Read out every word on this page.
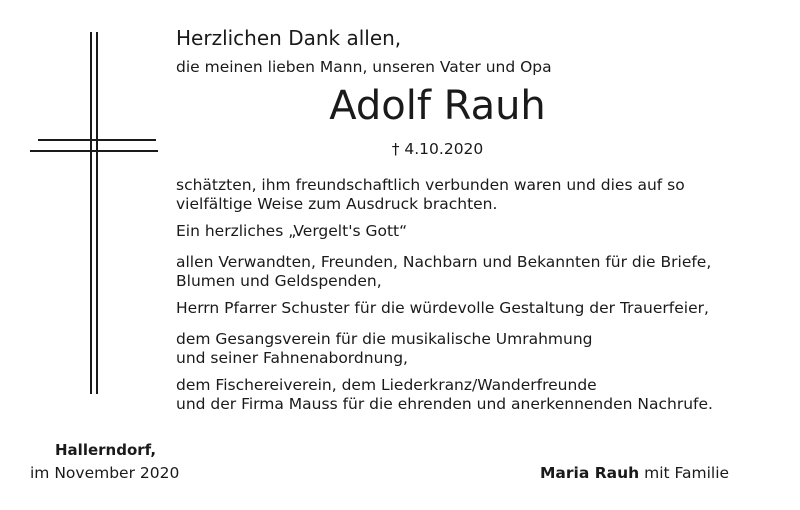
Herzlichen Dank allen,
die meinen lieben Mann, unseren Vater und Opa
Adolf Rauh
† 4.10.2020
schätzten, ihm freundschaftlich verbunden waren und dies auf so
vielfältige Weise zum Ausdruck brachten.
Ein herzliches „Vergelt's Gott“
allen Verwandten, Freunden, Nachbarn und Bekannten für die Briefe,
Blumen und Geldspenden,
Herrn Pfarrer Schuster für die würdevolle Gestaltung der Trauerfeier,
dem Gesangsverein für die musikalische Umrahmung
und seiner Fahnenabordnung,
dem Fischereiverein, dem Liederkranz/Wanderfreunde
und der Firma Mauss für die ehrenden und anerkennenden Nachrufe.
Hallerndorf,
im November 2020	Maria Rauh mit Familie
